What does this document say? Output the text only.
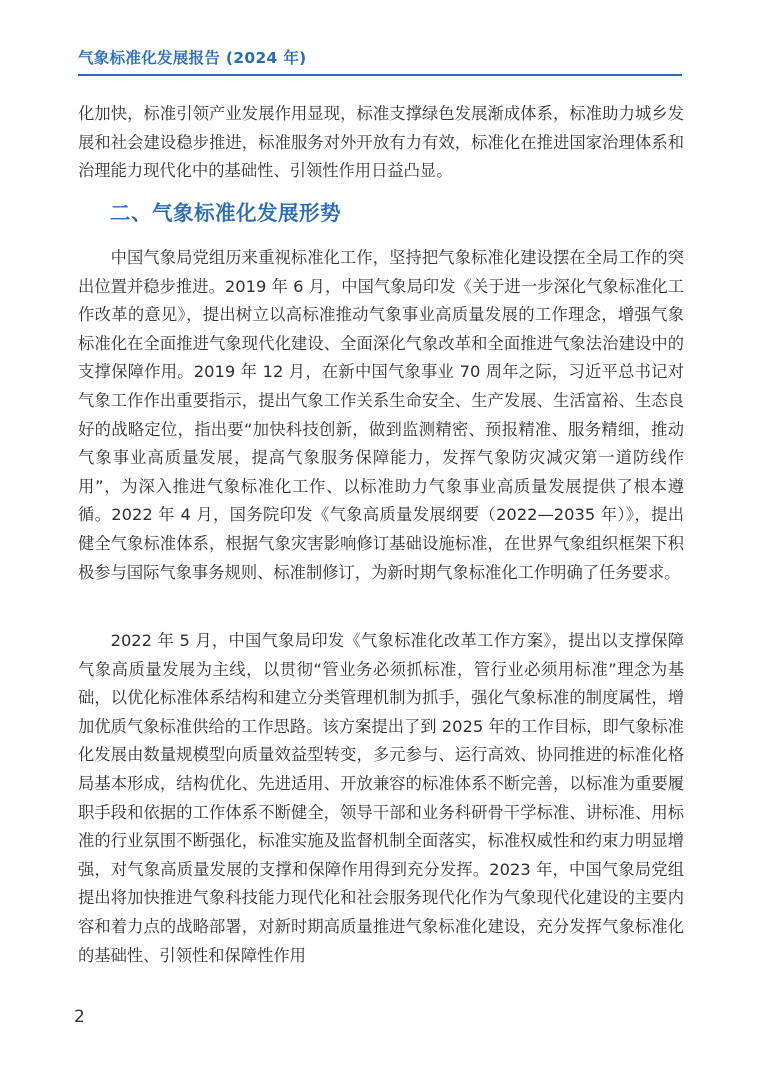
气象标准化发展报告 (2024 年)

化加快，标准引领产业发展作用显现，标准支撑绿色发展渐成体系，标准助力城乡发展和社会建设稳步推进，标准服务对外开放有力有效，标准化在推进国家治理体系和治理能力现代化中的基础性、引领性作用日益凸显。

二、气象标准化发展形势

中国气象局党组历来重视标准化工作，坚持把气象标准化建设摆在全局工作的突出位置并稳步推进。2019 年 6 月，中国气象局印发《关于进一步深化气象标准化工作改革的意见》，提出树立以高标准推动气象事业高质量发展的工作理念，增强气象标准化在全面推进气象现代化建设、全面深化气象改革和全面推进气象法治建设中的支撑保障作用。2019 年 12 月，在新中国气象事业 70 周年之际，习近平总书记对气象工作作出重要指示，提出气象工作关系生命安全、生产发展、生活富裕、生态良好的战略定位，指出要“加快科技创新，做到监测精密、预报精准、服务精细，推动气象事业高质量发展，提高气象服务保障能力，发挥气象防灾减灾第一道防线作用”，为深入推进气象标准化工作、以标准助力气象事业高质量发展提供了根本遵循。2022 年 4 月，国务院印发《气象高质量发展纲要（2022—2035 年）》，提出健全气象标准体系，根据气象灾害影响修订基础设施标准，在世界气象组织框架下积极参与国际气象事务规则、标准制修订，为新时期气象标准化工作明确了任务要求。

2022 年 5 月，中国气象局印发《气象标准化改革工作方案》，提出以支撑保障气象高质量发展为主线，以贯彻“管业务必须抓标准，管行业必须用标准”理念为基础，以优化标准体系结构和建立分类管理机制为抓手，强化气象标准的制度属性，增加优质气象标准供给的工作思路。该方案提出了到 2025 年的工作目标，即气象标准化发展由数量规模型向质量效益型转变，多元参与、运行高效、协同推进的标准化格局基本形成，结构优化、先进适用、开放兼容的标准体系不断完善，以标准为重要履职手段和依据的工作体系不断健全，领导干部和业务科研骨干学标准、讲标准、用标准的行业氛围不断强化，标准实施及监督机制全面落实，标准权威性和约束力明显增强，对气象高质量发展的支撑和保障作用得到充分发挥。2023 年，中国气象局党组提出将加快推进气象科技能力现代化和社会服务现代化作为气象现代化建设的主要内容和着力点的战略部署，对新时期高质量推进气象标准化建设，充分发挥气象标准化的基础性、引领性和保障性作用

2
